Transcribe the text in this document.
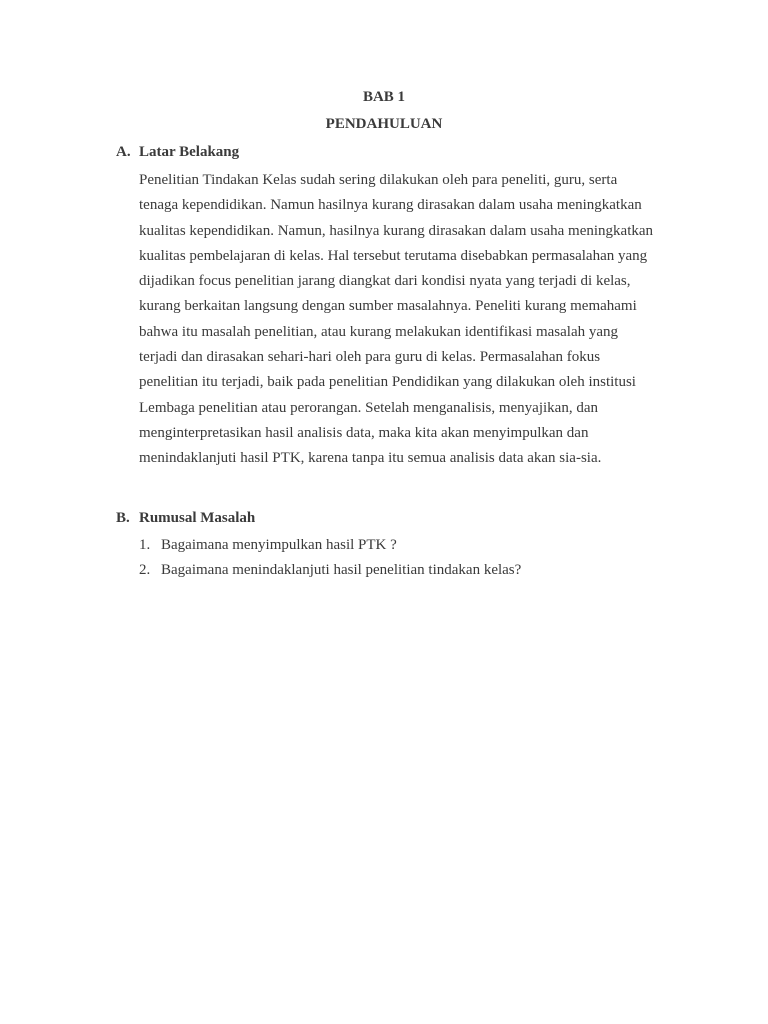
BAB 1
PENDAHULUAN
A. Latar Belakang

Penelitian Tindakan Kelas sudah sering dilakukan oleh para peneliti, guru, serta
tenaga kependidikan. Namun hasilnya kurang dirasakan dalam usaha meningkatkan
kualitas kependidikan. Namun, hasilnya kurang dirasakan dalam usaha meningkatkan
kualitas pembelajaran di kelas. Hal tersebut terutama disebabkan permasalahan yang
dijadikan focus penelitian jarang diangkat dari kondisi nyata yang terjadi di kelas,
kurang berkaitan langsung dengan sumber masalahnya. Peneliti kurang memahami
bahwa itu masalah penelitian, atau kurang melakukan identifikasi masalah yang
terjadi dan dirasakan sehari-hari oleh para guru di kelas. Permasalahan fokus
penelitian itu terjadi, baik pada penelitian Pendidikan yang dilakukan oleh institusi
Lembaga penelitian atau perorangan. Setelah menganalisis, menyajikan, dan
menginterpretasikan hasil analisis data, maka kita akan menyimpulkan dan
menindaklanjuti hasil PTK, karena tanpa itu semua analisis data akan sia-sia.

B. Rumusal Masalah
1. Bagaimana menyimpulkan hasil PTK ?
2. Bagaimana menindaklanjuti hasil penelitian tindakan kelas?
